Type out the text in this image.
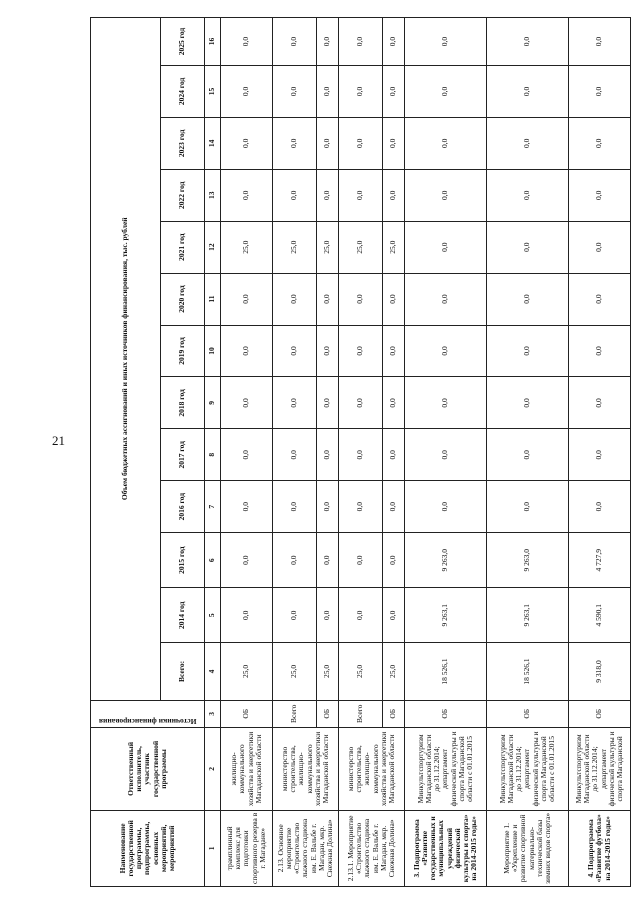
21
Наименование государственной программы, подпрограммы, основных мероприятий, мероприятий	Ответственный исполнитель, участник государственной программы	Источники финансирования	Объем бюджетных ассигнований и иных источников финансирования, тыс. рублей												
			Всего:	2014 год	2015 год	2016 год	2017 год	2018 год	2019 год	2020 год	2021 год	2022 год	2023 год	2024 год	2025 год
1	2	3	4	5	6	7	8	9	10	11	12	13	14	15	16
трамплинный комплекс для подготовки спортивного резерва в г. Магадане»	жилищно-коммунального хозяйства и энергетики Магаданской области	ОБ	25,0	0,0	0,0	0,0	0,0	0,0	0,0	0,0	25,0	0,0	0,0	0,0	0,0
2.13. Основное мероприятие «Строительство лыжного стадиона им. Е. Вальбе г. Магадан, мкр. Снежная Долина»	министерство строительства, жилищно-коммунального хозяйства и энергетики Магаданской области	Всего	25,0	0,0	0,0	0,0	0,0	0,0	0,0	0,0	25,0	0,0	0,0	0,0	0,0
		ОБ	25,0	0,0	0,0	0,0	0,0	0,0	0,0	0,0	25,0	0,0	0,0	0,0	0,0
2.13.1. Мероприятие «Строительство лыжного стадиона им. Е. Вальбе г. Магадан, мкр. Снежная Долина»	министерство строительства, жилищно-коммунального хозяйства и энергетики Магаданской области	Всего	25,0	0,0	0,0	0,0	0,0	0,0	0,0	0,0	25,0	0,0	0,0	0,0	0,0
		ОБ	25,0	0,0	0,0	0,0	0,0	0,0	0,0	0,0	25,0	0,0	0,0	0,0	0,0
3. Подпрограмма «Развитие государственных и муниципальных учреждений физической культуры и спорта» на 2014-2015 годы»	Минкультспортуризм Магаданской области до 31.12.2014; департамент физической культуры и спорта Магаданской области с 01.01.2015	ОБ	18 526,1	9 263,1	9 263,0	0,0	0,0	0,0	0,0	0,0	0,0	0,0	0,0	0,0	0,0
Мероприятие 1. «Укрепление и развитие спортивной материально-технической базы зимних видов спорта»	Минкультспортуризм Магаданской области до 31.12.2014; департамент физической культуры и спорта Магаданской области с 01.01.2015	ОБ	18 526,1	9 263,1	9 263,0	0,0	0,0	0,0	0,0	0,0	0,0	0,0	0,0	0,0	0,0
4. Подпрограмма «Развитие футбола» на 2014-2015 годы»	Минкультспортуризм Магаданской области до 31.12.2014; департамент физической культуры и спорта Магаданской	ОБ	9 318,0	4 590,1	4 727,9	0,0	0,0	0,0	0,0	0,0	0,0	0,0	0,0	0,0	0,0
